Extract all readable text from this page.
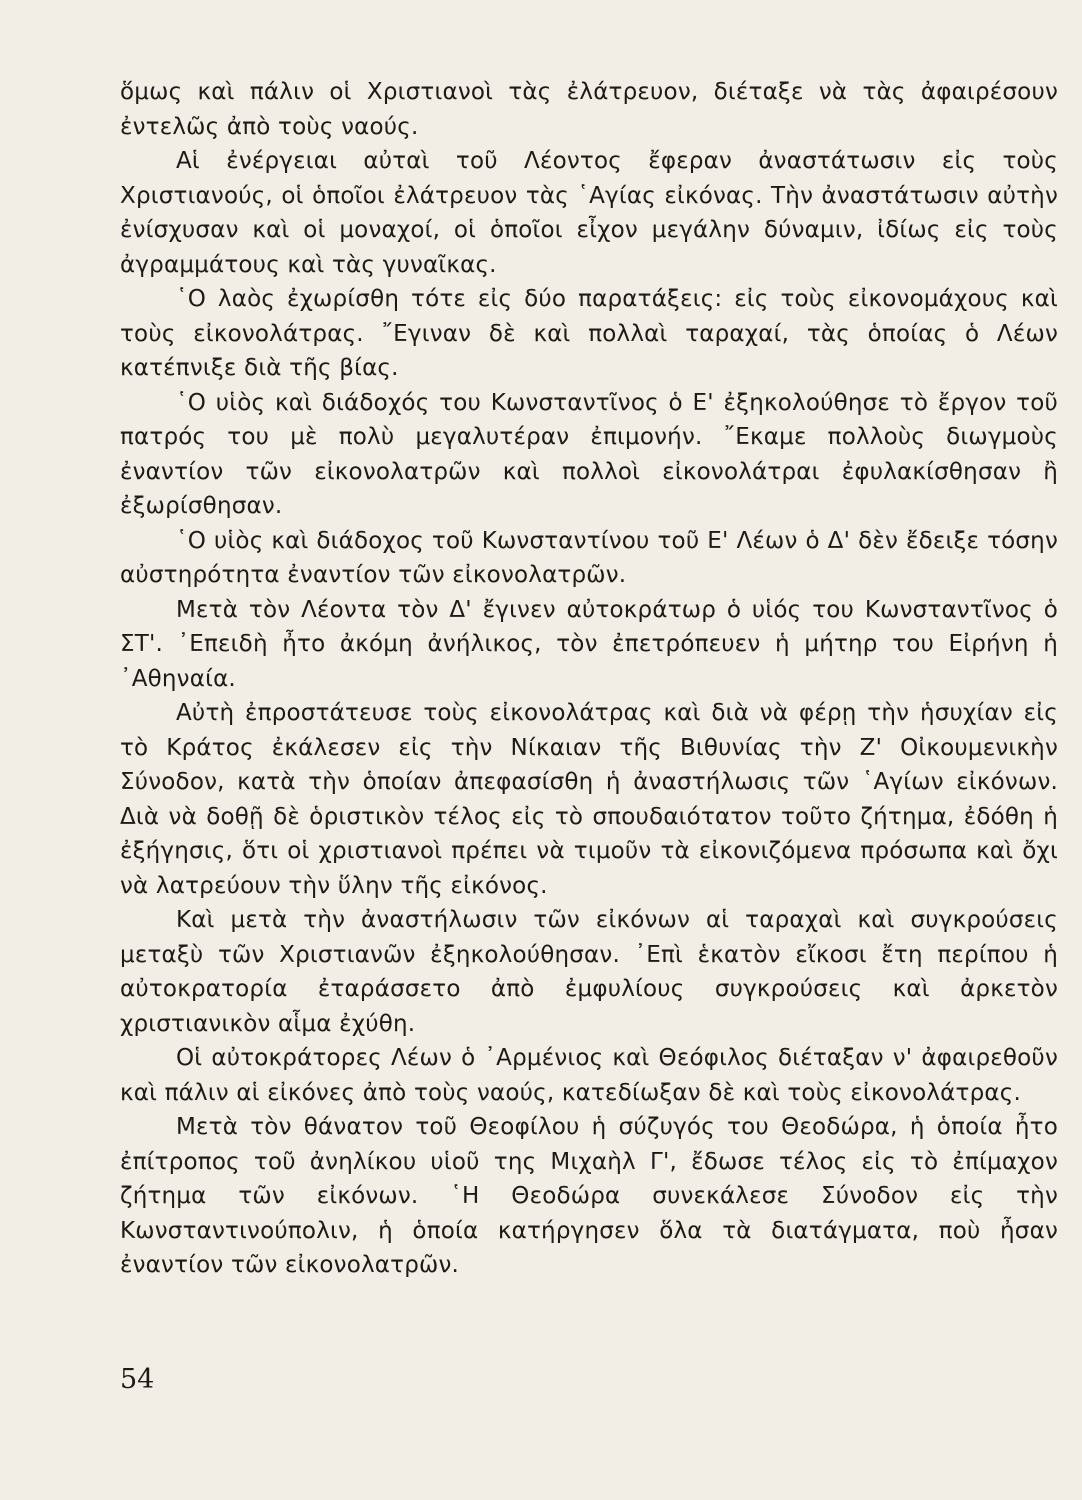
ὅμως καὶ πάλιν οἱ Χριστιανοὶ τὰς ἐλάτρευον, διέταξε νὰ τὰς ἀφαιρέσουν ἐντελῶς ἀπὸ τοὺς ναούς.

Αἱ ἐνέργειαι αὐταὶ τοῦ Λέοντος ἔφεραν ἀναστάτωσιν εἰς τοὺς Χριστιανούς, οἱ ὁποῖοι ἐλάτρευον τὰς ῾Αγίας εἰκόνας. Τὴν ἀναστάτωσιν αὐτὴν ἐνίσχυσαν καὶ οἱ μοναχοί, οἱ ὁποῖοι εἶχον μεγάλην δύναμιν, ἰδίως εἰς τοὺς ἀγραμμάτους καὶ τὰς γυναῖκας.

῾Ο λαὸς ἐχωρίσθη τότε εἰς δύο παρατάξεις: εἰς τοὺς εἰκονομάχους καὶ τοὺς εἰκονολάτρας. ῎Εγιναν δὲ καὶ πολλαὶ ταραχαί, τὰς ὁποίας ὁ Λέων κατέπνιξε διὰ τῆς βίας.

῾Ο υἱὸς καὶ διάδοχός του Κωνσταντῖνος ὁ Ε' ἐξηκολούθησε τὸ ἔργον τοῦ πατρός του μὲ πολὺ μεγαλυτέραν ἐπιμονήν. ῎Εκαμε πολλοὺς διωγμοὺς ἐναντίον τῶν εἰκονολατρῶν καὶ πολλοὶ εἰκονολάτραι ἐφυλακίσθησαν ἢ ἐξωρίσθησαν.

῾Ο υἱὸς καὶ διάδοχος τοῦ Κωνσταντίνου τοῦ Ε' Λέων ὁ Δ' δὲν ἔδειξε τόσην αὐστηρότητα ἐναντίον τῶν εἰκονολατρῶν.

Μετὰ τὸν Λέοντα τὸν Δ' ἔγινεν αὐτοκράτωρ ὁ υἱός του Κωνσταντῖνος ὁ ΣΤ'. ᾿Επειδὴ ἦτο ἀκόμη ἀνήλικος, τὸν ἐπετρόπευεν ἡ μήτηρ του Εἰρήνη ἡ ᾿Αθηναία.

Αὐτὴ ἐπροστάτευσε τοὺς εἰκονολάτρας καὶ διὰ νὰ φέρῃ τὴν ἡσυχίαν εἰς τὸ Κράτος ἐκάλεσεν εἰς τὴν Νίκαιαν τῆς Βιθυνίας τὴν Ζ' Οἰκουμενικὴν Σύνοδον, κατὰ τὴν ὁποίαν ἀπεφασίσθη ἡ ἀναστήλωσις τῶν ῾Αγίων εἰκόνων. Διὰ νὰ δοθῇ δὲ ὁριστικὸν τέλος εἰς τὸ σπουδαιότατον τοῦτο ζήτημα, ἐδόθη ἡ ἐξήγησις, ὅτι οἱ χριστιανοὶ πρέπει νὰ τιμοῦν τὰ εἰκονιζόμενα πρόσωπα καὶ ὄχι νὰ λατρεύουν τὴν ὕλην τῆς εἰκόνος.

Καὶ μετὰ τὴν ἀναστήλωσιν τῶν εἰκόνων αἱ ταραχαὶ καὶ συγκρούσεις μεταξὺ τῶν Χριστιανῶν ἐξηκολούθησαν. ᾿Επὶ ἑκατὸν εἴκοσι ἔτη περίπου ἡ αὐτοκρατορία ἐταράσσετο ἀπὸ ἐμφυλίους συγκρούσεις καὶ ἀρκετὸν χριστιανικὸν αἷμα ἐχύθη.

Οἱ αὐτοκράτορες Λέων ὁ ᾿Αρμένιος καὶ Θεόφιλος διέταξαν ν' ἀφαιρεθοῦν καὶ πάλιν αἱ εἰκόνες ἀπὸ τοὺς ναούς, κατεδίωξαν δὲ καὶ τοὺς εἰκονολάτρας.

Μετὰ τὸν θάνατον τοῦ Θεοφίλου ἡ σύζυγός του Θεοδώρα, ἡ ὁποία ἦτο ἐπίτροπος τοῦ ἀνηλίκου υἱοῦ της Μιχαὴλ Γ', ἔδωσε τέλος εἰς τὸ ἐπίμαχον ζήτημα τῶν εἰκόνων. ῾Η Θεοδώρα συνεκάλεσε Σύνοδον εἰς τὴν Κωνσταντινούπολιν, ἡ ὁποία κατήργησεν ὅλα τὰ διατάγματα, ποὺ ἦσαν ἐναντίον τῶν εἰκονολατρῶν.

54
